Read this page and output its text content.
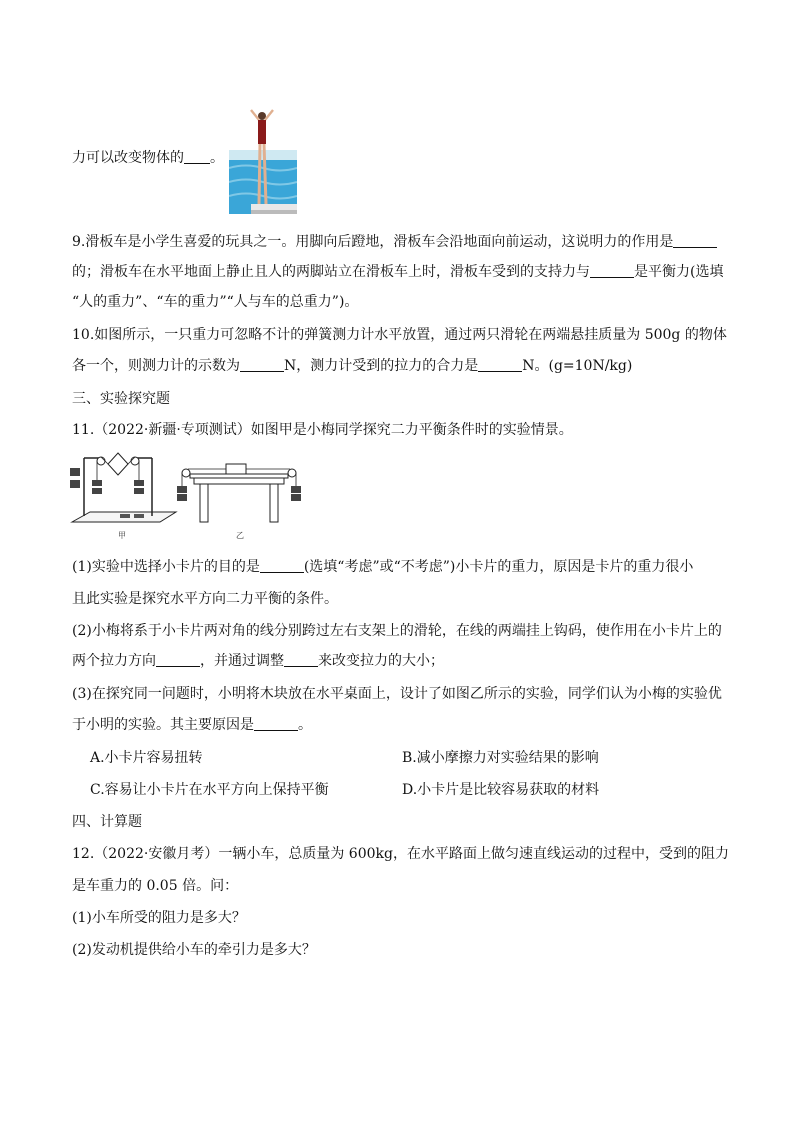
力可以改变物体的 。
9.滑板车是小学生喜爱的玩具之一。用脚向后蹬地，滑板车会沿地面向前运动，这说明力的作用是
的；滑板车在水平地面上静止且人的两脚站立在滑板车上时，滑板车受到的支持力与	是平衡力(选填
“人的重力”、“车的重力”“人与车的总重力”)。
10.如图所示，一只重力可忽略不计的弹簧测力计水平放置，通过两只滑轮在两端悬挂质量为 500g 的物体
各一个，则测力计的示数为	N，测力计受到的拉力的合力是	N。(g=10N/kg)
三、实验探究题
11.（2022·新疆·专项测试）如图甲是小梅同学探究二力平衡条件时的实验情景。
甲	乙
(1)实验中选择小卡片的目的是	(选填“考虑”或“不考虑”)小卡片的重力，原因是卡片的重力很小
且此实验是探究水平方向二力平衡的条件。
(2)小梅将系于小卡片两对角的线分别跨过左右支架上的滑轮，在线的两端挂上钩码，使作用在小卡片上的
两个拉力方向	，并通过调整 来改变拉力的大小；
(3)在探究同一问题时，小明将木块放在水平桌面上，设计了如图乙所示的实验，同学们认为小梅的实验优
于小明的实验。其主要原因是	。
A.小卡片容易扭转	B.减小摩擦力对实验结果的影响
C.容易让小卡片在水平方向上保持平衡	D.小卡片是比较容易获取的材料
四、计算题
12.（2022·安徽月考）一辆小车，总质量为 600kg，在水平路面上做匀速直线运动的过程中，受到的阻力
是车重力的 0.05 倍。问：
(1)小车所受的阻力是多大？
(2)发动机提供给小车的牵引力是多大？
